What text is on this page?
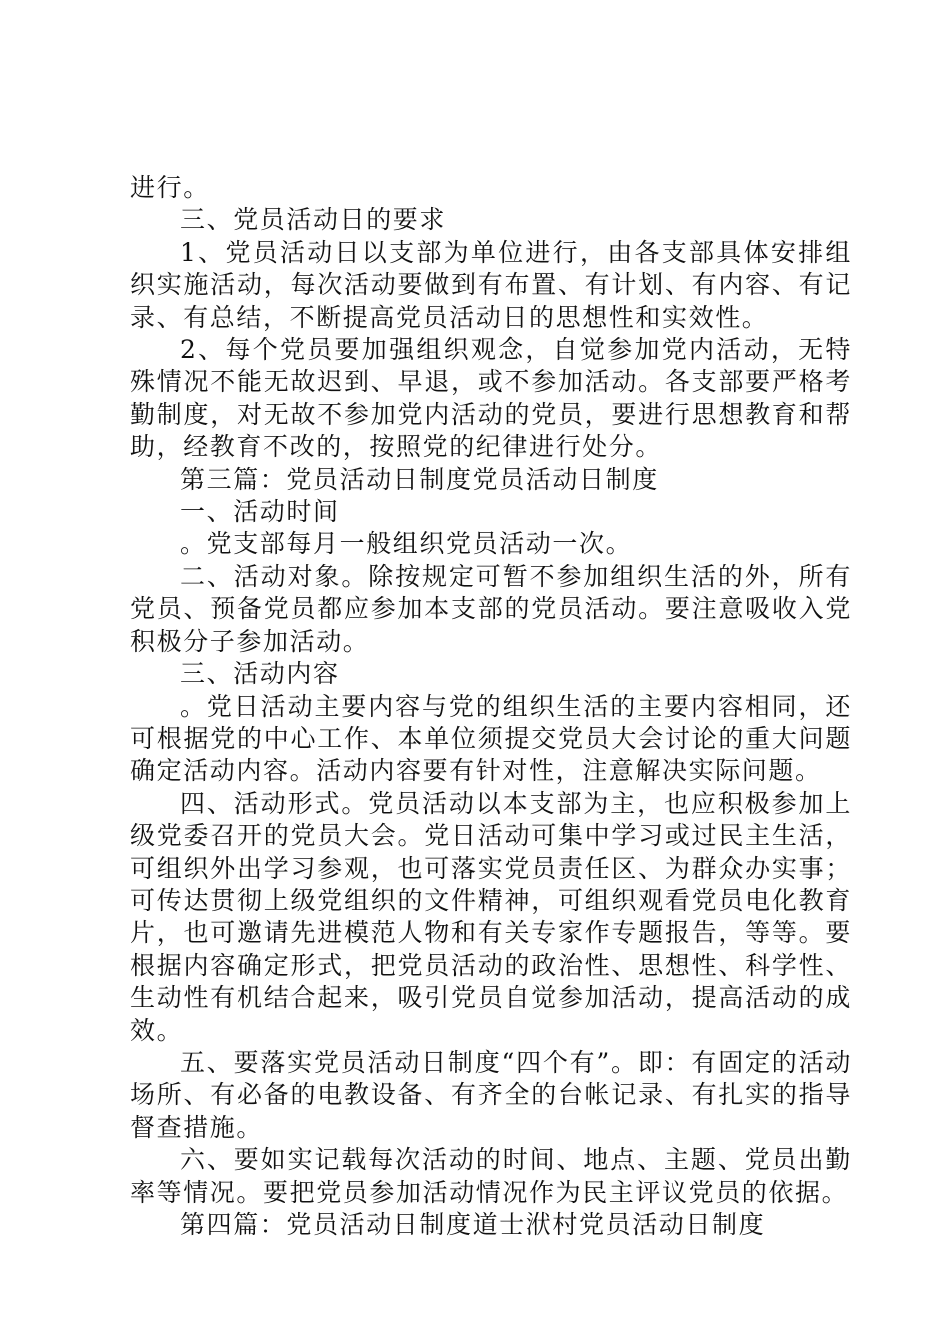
进行。

三、党员活动日的要求

1、党员活动日以支部为单位进行，由各支部具体安排组织实施活动，每次活动要做到有布置、有计划、有内容、有记录、有总结，不断提高党员活动日的思想性和实效性。

2、每个党员要加强组织观念，自觉参加党内活动，无特殊情况不能无故迟到、早退，或不参加活动。各支部要严格考勤制度，对无故不参加党内活动的党员，要进行思想教育和帮助，经教育不改的，按照党的纪律进行处分。

第三篇：党员活动日制度党员活动日制度

一、活动时间

。党支部每月一般组织党员活动一次。

二、活动对象。除按规定可暂不参加组织生活的外，所有党员、预备党员都应参加本支部的党员活动。要注意吸收入党积极分子参加活动。

三、活动内容

。党日活动主要内容与党的组织生活的主要内容相同，还可根据党的中心工作、本单位须提交党员大会讨论的重大问题确定活动内容。活动内容要有针对性，注意解决实际问题。

四、活动形式。党员活动以本支部为主，也应积极参加上级党委召开的党员大会。党日活动可集中学习或过民主生活，可组织外出学习参观，也可落实党员责任区、为群众办实事；可传达贯彻上级党组织的文件精神，可组织观看党员电化教育片，也可邀请先进模范人物和有关专家作专题报告，等等。要根据内容确定形式，把党员活动的政治性、思想性、科学性、生动性有机结合起来，吸引党员自觉参加活动，提高活动的成效。

五、要落实党员活动日制度“四个有”。即：有固定的活动场所、有必备的电教设备、有齐全的台帐记录、有扎实的指导督查措施。

六、要如实记载每次活动的时间、地点、主题、党员出勤率等情况。要把党员参加活动情况作为民主评议党员的依据。

第四篇：党员活动日制度道士洑村党员活动日制度
